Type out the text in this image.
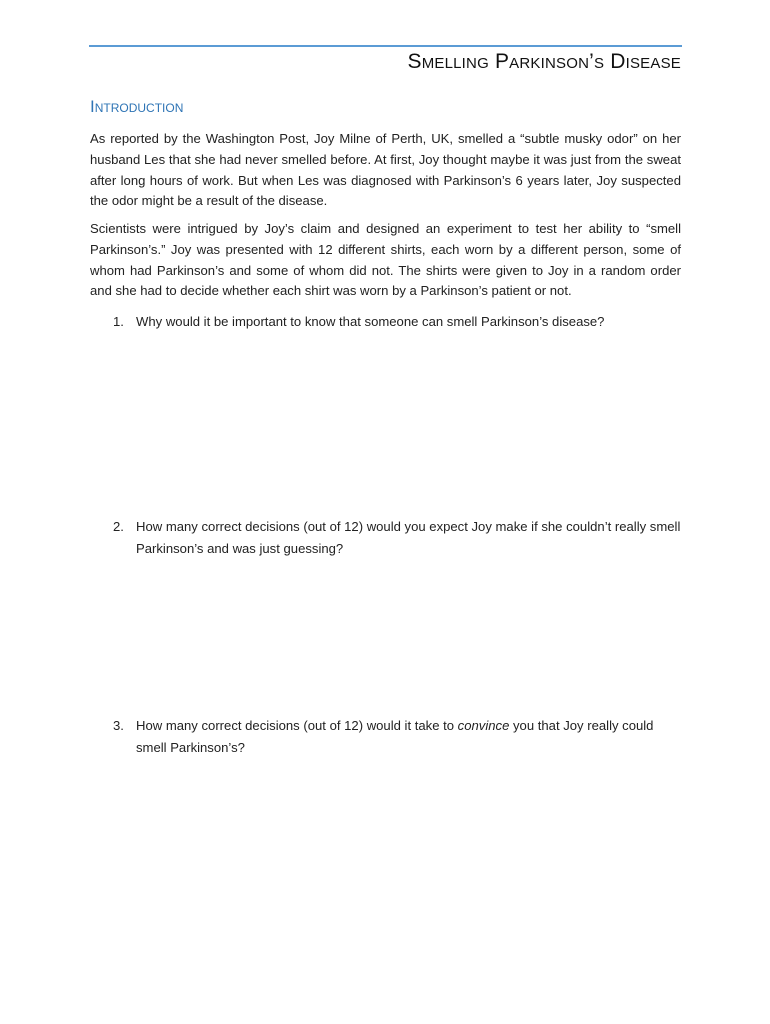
Smelling Parkinson’s Disease
Introduction

As reported by the Washington Post, Joy Milne of Perth, UK, smelled a “subtle musky odor” on her husband Les that she had never smelled before. At first, Joy thought maybe it was just from the sweat after long hours of work. But when Les was diagnosed with Parkinson’s 6 years later, Joy suspected the odor might be a result of the disease.

Scientists were intrigued by Joy’s claim and designed an experiment to test her ability to “smell Parkinson’s.” Joy was presented with 12 different shirts, each worn by a different person, some of whom had Parkinson’s and some of whom did not. The shirts were given to Joy in a random order and she had to decide whether each shirt was worn by a Parkinson’s patient or not.

1. Why would it be important to know that someone can smell Parkinson’s disease?
2. How many correct decisions (out of 12) would you expect Joy make if she couldn’t really smell Parkinson’s and was just guessing?
3. How many correct decisions (out of 12) would it take to convince you that Joy really could smell Parkinson’s?
